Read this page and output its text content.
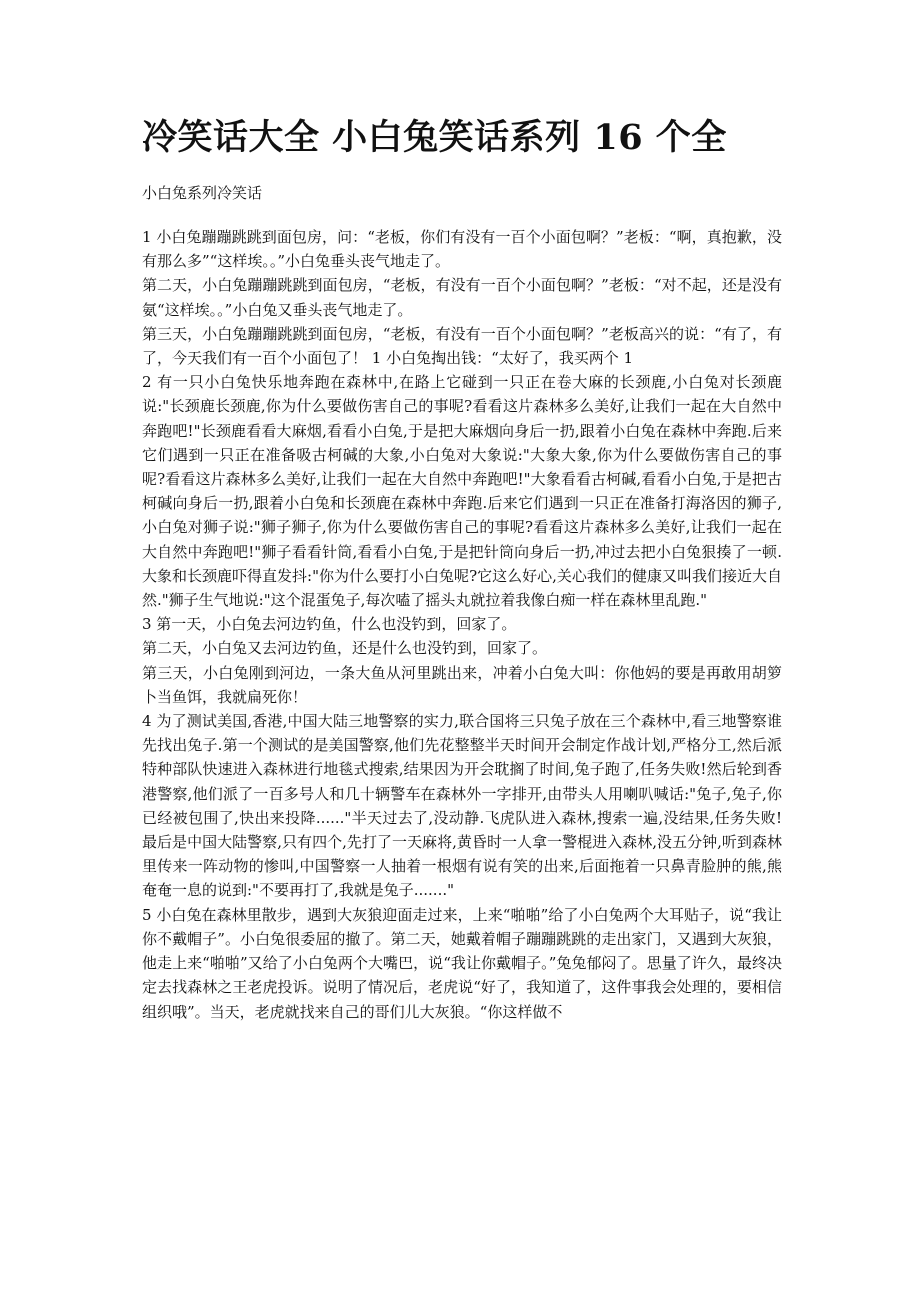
冷笑话大全 小白兔笑话系列 16 个全

小白兔系列冷笑话

1 小白兔蹦蹦跳跳到面包房，问：“老板，你们有没有一百个小面包啊？”老板：“啊，真抱歉，没有那么多”“这样埃。。”小白兔垂头丧气地走了。

第二天，小白兔蹦蹦跳跳到面包房，“老板，有没有一百个小面包啊？”老板：“对不起，还是没有氨“这样埃。。”小白兔又垂头丧气地走了。

第三天，小白兔蹦蹦跳跳到面包房，“老板，有没有一百个小面包啊？”老板高兴的说：“有了，有了，今天我们有一百个小面包了！ 1 小白兔掏出钱：“太好了，我买两个 1

2 有一只小白兔快乐地奔跑在森林中,在路上它碰到一只正在卷大麻的长颈鹿,小白兔对长颈鹿说:"长颈鹿长颈鹿,你为什么要做伤害自己的事呢?看看这片森林多么美好,让我们一起在大自然中奔跑吧!"长颈鹿看看大麻烟,看看小白兔,于是把大麻烟向身后一扔,跟着小白兔在森林中奔跑.后来它们遇到一只正在准备吸古柯碱的大象,小白兔对大象说:"大象大象,你为什么要做伤害自己的事呢?看看这片森林多么美好,让我们一起在大自然中奔跑吧!"大象看看古柯碱,看看小白兔,于是把古柯碱向身后一扔,跟着小白兔和长颈鹿在森林中奔跑.后来它们遇到一只正在准备打海洛因的狮子,小白兔对狮子说:"狮子狮子,你为什么要做伤害自己的事呢?看看这片森林多么美好,让我们一起在大自然中奔跑吧!"狮子看看针筒,看看小白兔,于是把针筒向身后一扔,冲过去把小白兔狠揍了一顿.大象和长颈鹿吓得直发抖:"你为什么要打小白兔呢?它这么好心,关心我们的健康又叫我们接近大自然."狮子生气地说:"这个混蛋兔子,每次嗑了摇头丸就拉着我像白痴一样在森林里乱跑."

3 第一天，小白兔去河边钓鱼，什么也没钓到，回家了。

第二天，小白兔又去河边钓鱼，还是什么也没钓到，回家了。

第三天，小白兔刚到河边，一条大鱼从河里跳出来，冲着小白兔大叫：你他妈的要是再敢用胡箩卜当鱼饵，我就扁死你！

4 为了测试美国,香港,中国大陆三地警察的实力,联合国将三只兔子放在三个森林中,看三地警察谁先找出兔子.第一个测试的是美国警察,他们先花整整半天时间开会制定作战计划,严格分工,然后派特种部队快速进入森林进行地毯式搜索,结果因为开会耽搁了时间,兔子跑了,任务失败!然后轮到香港警察,他们派了一百多号人和几十辆警车在森林外一字排开,由带头人用喇叭喊话:"兔子,兔子,你已经被包围了,快出来投降......"半天过去了,没动静.飞虎队进入森林,搜索一遍,没结果,任务失败!最后是中国大陆警察,只有四个,先打了一天麻将,黄昏时一人拿一警棍进入森林,没五分钟,听到森林里传来一阵动物的惨叫,中国警察一人抽着一根烟有说有笑的出来,后面拖着一只鼻青脸肿的熊,熊奄奄一息的说到:"不要再打了,我就是兔子......."

5 小白兔在森林里散步，遇到大灰狼迎面走过来，上来“啪啪”给了小白兔两个大耳贴子，说“我让你不戴帽子”。小白兔很委屈的撤了。第二天，她戴着帽子蹦蹦跳跳的走出家门，又遇到大灰狼，他走上来“啪啪”又给了小白兔两个大嘴巴，说“我让你戴帽子。”兔兔郁闷了。思量了许久，最终决定去找森林之王老虎投诉。说明了情况后，老虎说“好了，我知道了，这件事我会处理的，要相信组织哦”。当天，老虎就找来自己的哥们儿大灰狼。“你这样做不
